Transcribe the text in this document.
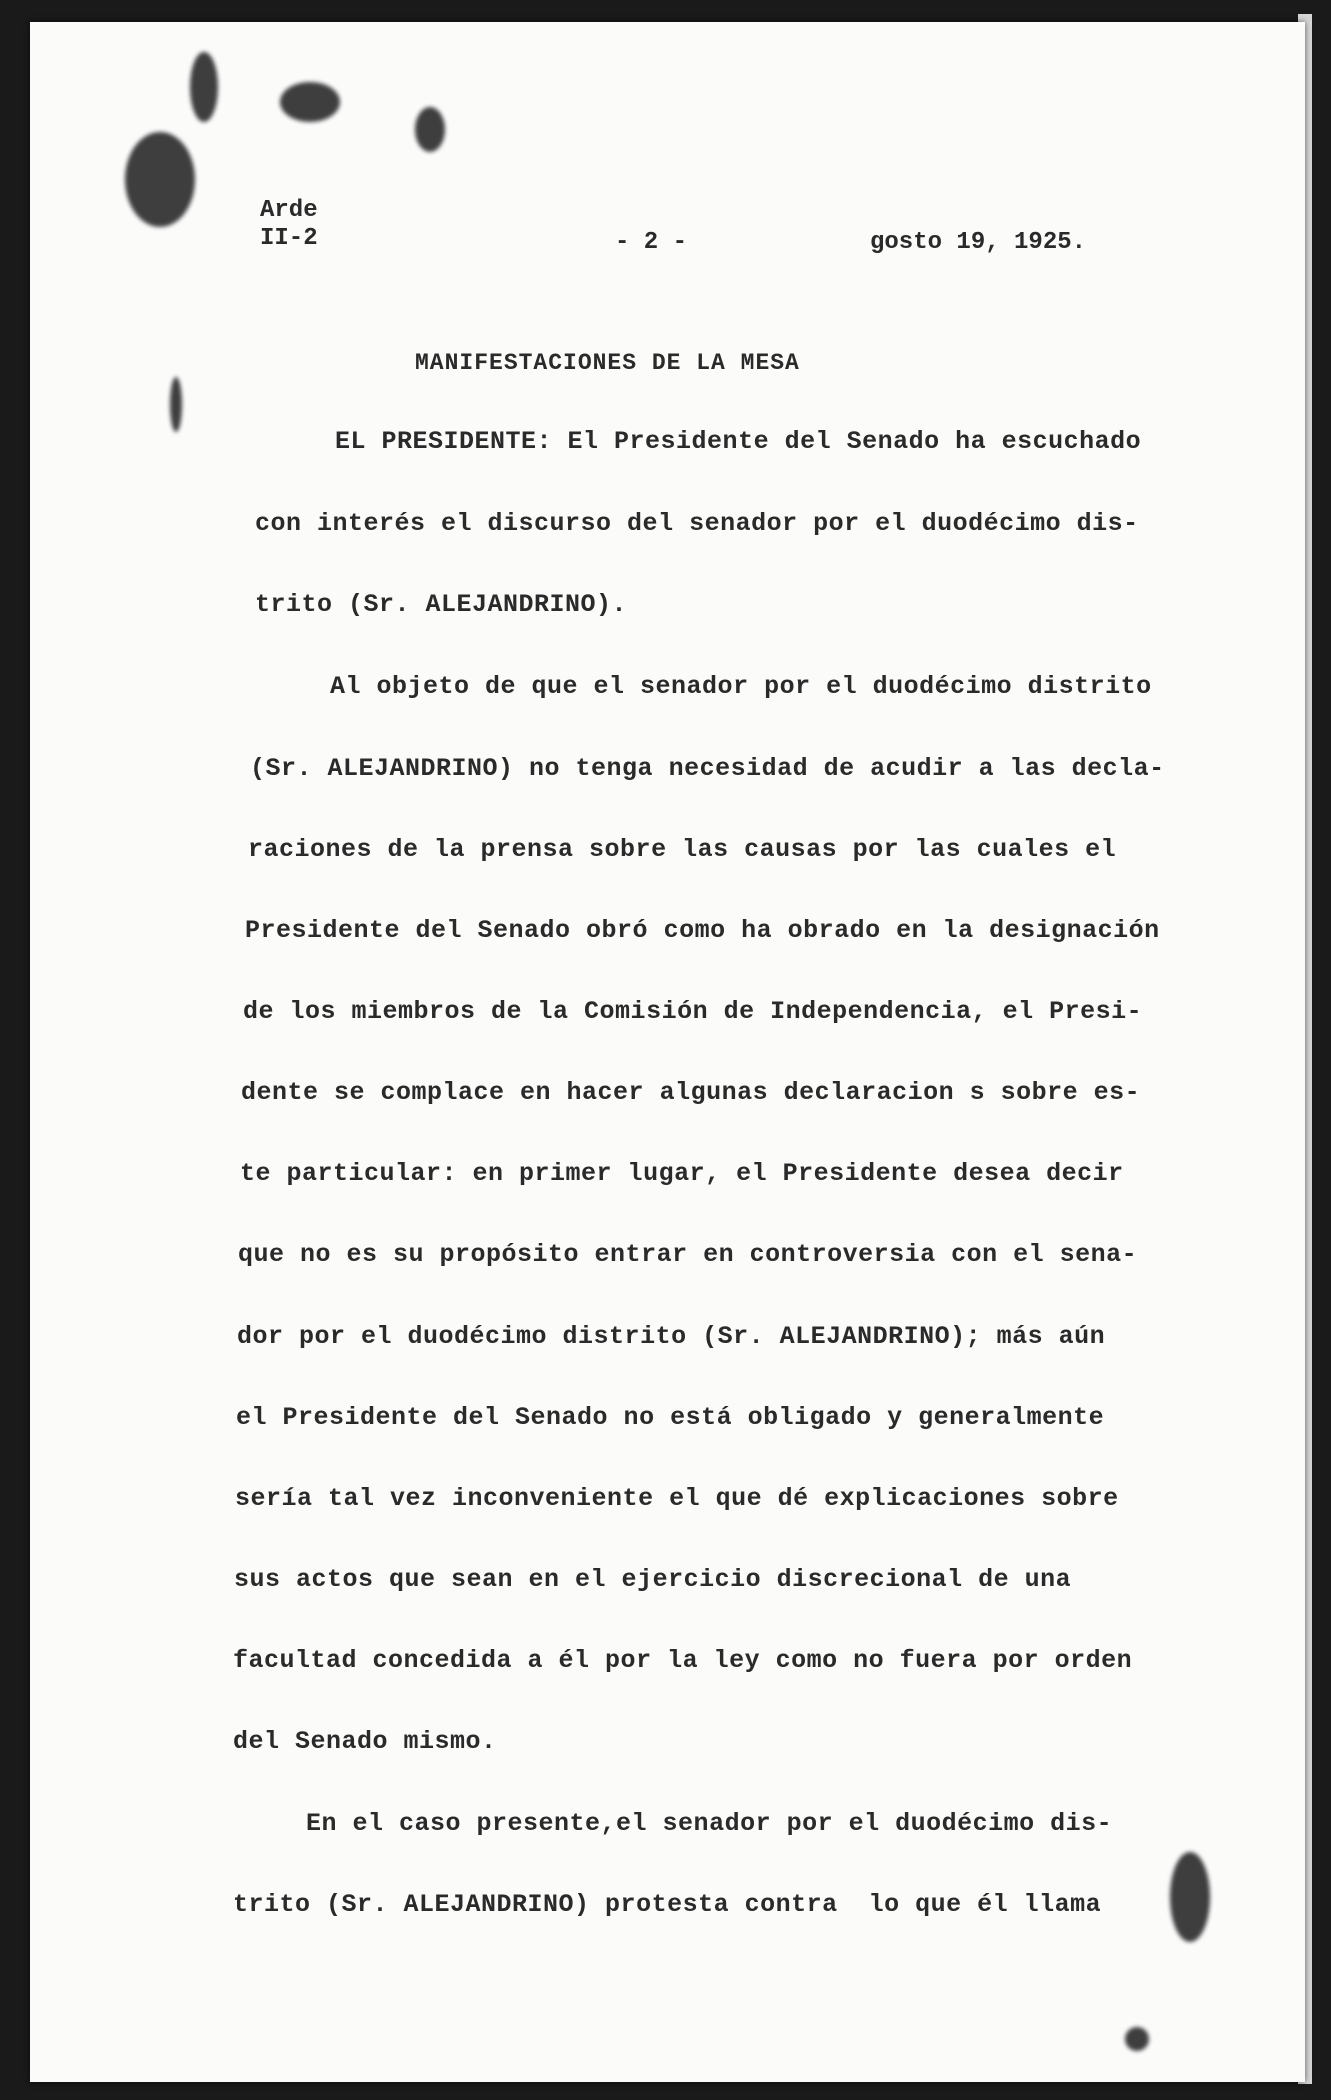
Arde
II-2	- 2 -	gosto 19, 1925.
MANIFESTACIONES DE LA MESA
EL PRESIDENTE: El Presidente del Senado ha escuchado
con interés el discurso del senador por el duodécimo dis-
trito (Sr. ALEJANDRINO).
Al objeto de que el senador por el duodécimo distrito
(Sr. ALEJANDRINO) no tenga necesidad de acudir a las decla-
raciones de la prensa sobre las causas por las cuales el
Presidente del Senado obró como ha obrado en la designación
de los miembros de la Comisión de Independencia, el Presi-
dente se complace en hacer algunas declaracion s sobre es-
te particular: en primer lugar, el Presidente desea decir
que no es su propósito entrar en controversia con el sena-
dor por el duodécimo distrito (Sr. ALEJANDRINO); más aún
el Presidente del Senado no está obligado y generalmente
sería tal vez inconveniente el que dé explicaciones sobre
sus actos que sean en el ejercicio discrecional de una
facultad concedida a él por la ley como no fuera por orden
del Senado mismo.
En el caso presente,el senador por el duodécimo dis-
trito (Sr. ALEJANDRINO) protesta contra  lo que él llama
